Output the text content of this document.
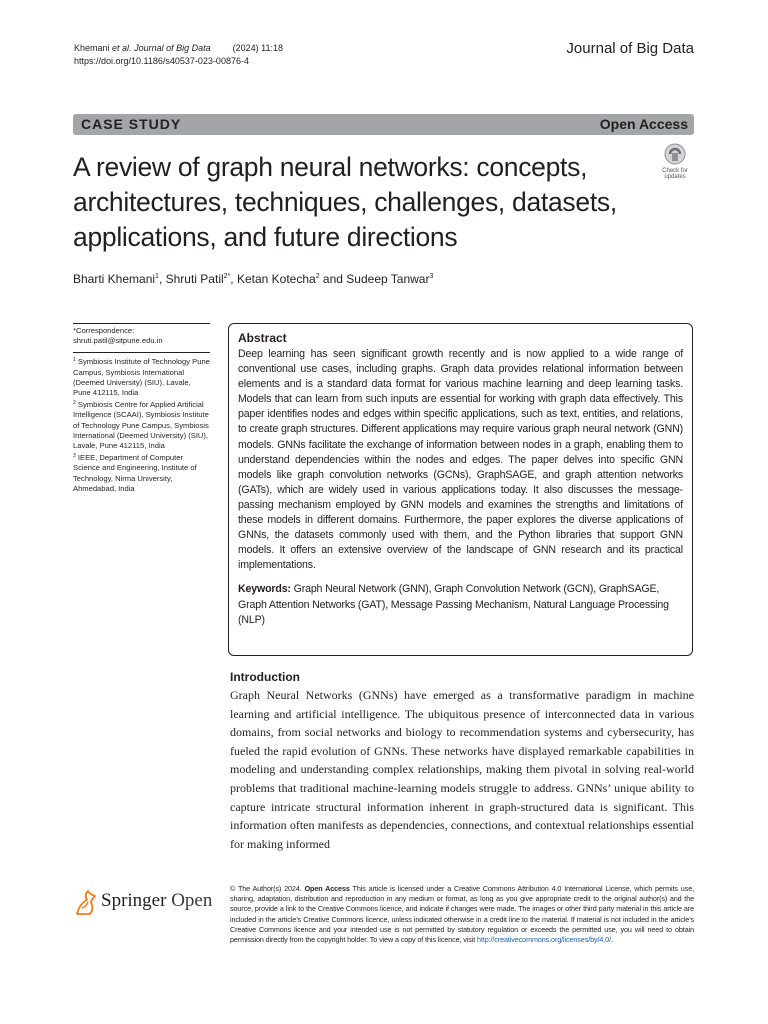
Khemani et al. Journal of Big Data (2024) 11:18
https://doi.org/10.1186/s40537-023-00876-4
Journal of Big Data
CASE STUDY	Open Access
A review of graph neural networks: concepts, architectures, techniques, challenges, datasets, applications, and future directions
Check for
updates
Bharti Khemani$^1$, Shruti Patil$^{2*}$, Ketan Kotecha$^2$ and Sudeep Tanwar$^3$
*Correspondence:
shruti.patil@sitpune.edu.in

$^1$ Symbiosis Institute of Technology Pune Campus, Symbiosis International (Deemed University) (SIU), Lavale, Pune 412115, India

$^2$ Symbiosis Centre for Applied Artificial Intelligence (SCAAI), Symbiosis Institute of Technology Pune Campus, Symbiosis International (Deemed University) (SIU), Lavale, Pune 412115, India

$^3$ IEEE, Department of Computer Science and Engineering, Institute of Technology, Nirma University, Ahmedabad, India

Abstract
Deep learning has seen significant growth recently and is now applied to a wide range of conventional use cases, including graphs. Graph data provides relational information between elements and is a standard data format for various machine learning and deep learning tasks. Models that can learn from such inputs are essential for working with graph data effectively. This paper identifies nodes and edges within specific applications, such as text, entities, and relations, to create graph structures. Different applications may require various graph neural network (GNN) models. GNNs facilitate the exchange of information between nodes in a graph, enabling them to understand dependencies within the nodes and edges. The paper delves into specific GNN models like graph convolution networks (GCNs), GraphSAGE, and graph attention networks (GATs), which are widely used in various applications today. It also discusses the message-passing mechanism employed by GNN models and examines the strengths and limitations of these models in different domains. Furthermore, the paper explores the diverse applications of GNNs, the datasets commonly used with them, and the Python libraries that support GNN models. It offers an extensive overview of the landscape of GNN research and its practical implementations.
Keywords: Graph Neural Network (GNN), Graph Convolution Network (GCN), GraphSAGE, Graph Attention Networks (GAT), Message Passing Mechanism, Natural Language Processing (NLP)
Introduction
Graph Neural Networks (GNNs) have emerged as a transformative paradigm in machine learning and artificial intelligence. The ubiquitous presence of interconnected data in various domains, from social networks and biology to recommendation systems and cybersecurity, has fueled the rapid evolution of GNNs. These networks have displayed remarkable capabilities in modeling and understanding complex relationships, making them pivotal in solving real-world problems that traditional machine-learning models struggle to address. GNNs’ unique ability to capture intricate structural information inherent in graph-structured data is significant. This information often manifests as dependencies, connections, and contextual relationships essential for making informed
Springer Open
© The Author(s) 2024. Open Access This article is licensed under a Creative Commons Attribution 4.0 International License, which permits use, sharing, adaptation, distribution and reproduction in any medium or format, as long as you give appropriate credit to the original author(s) and the source, provide a link to the Creative Commons licence, and indicate if changes were made. The images or other third party material in this article are included in the article’s Creative Commons licence, unless indicated otherwise in a credit line to the material. If material is not included in the article’s Creative Commons licence and your intended use is not permitted by statutory regulation or exceeds the permitted use, you will need to obtain permission directly from the copyright holder. To view a copy of this licence, visit http://creativecommons.org/licenses/by/4.0/.
